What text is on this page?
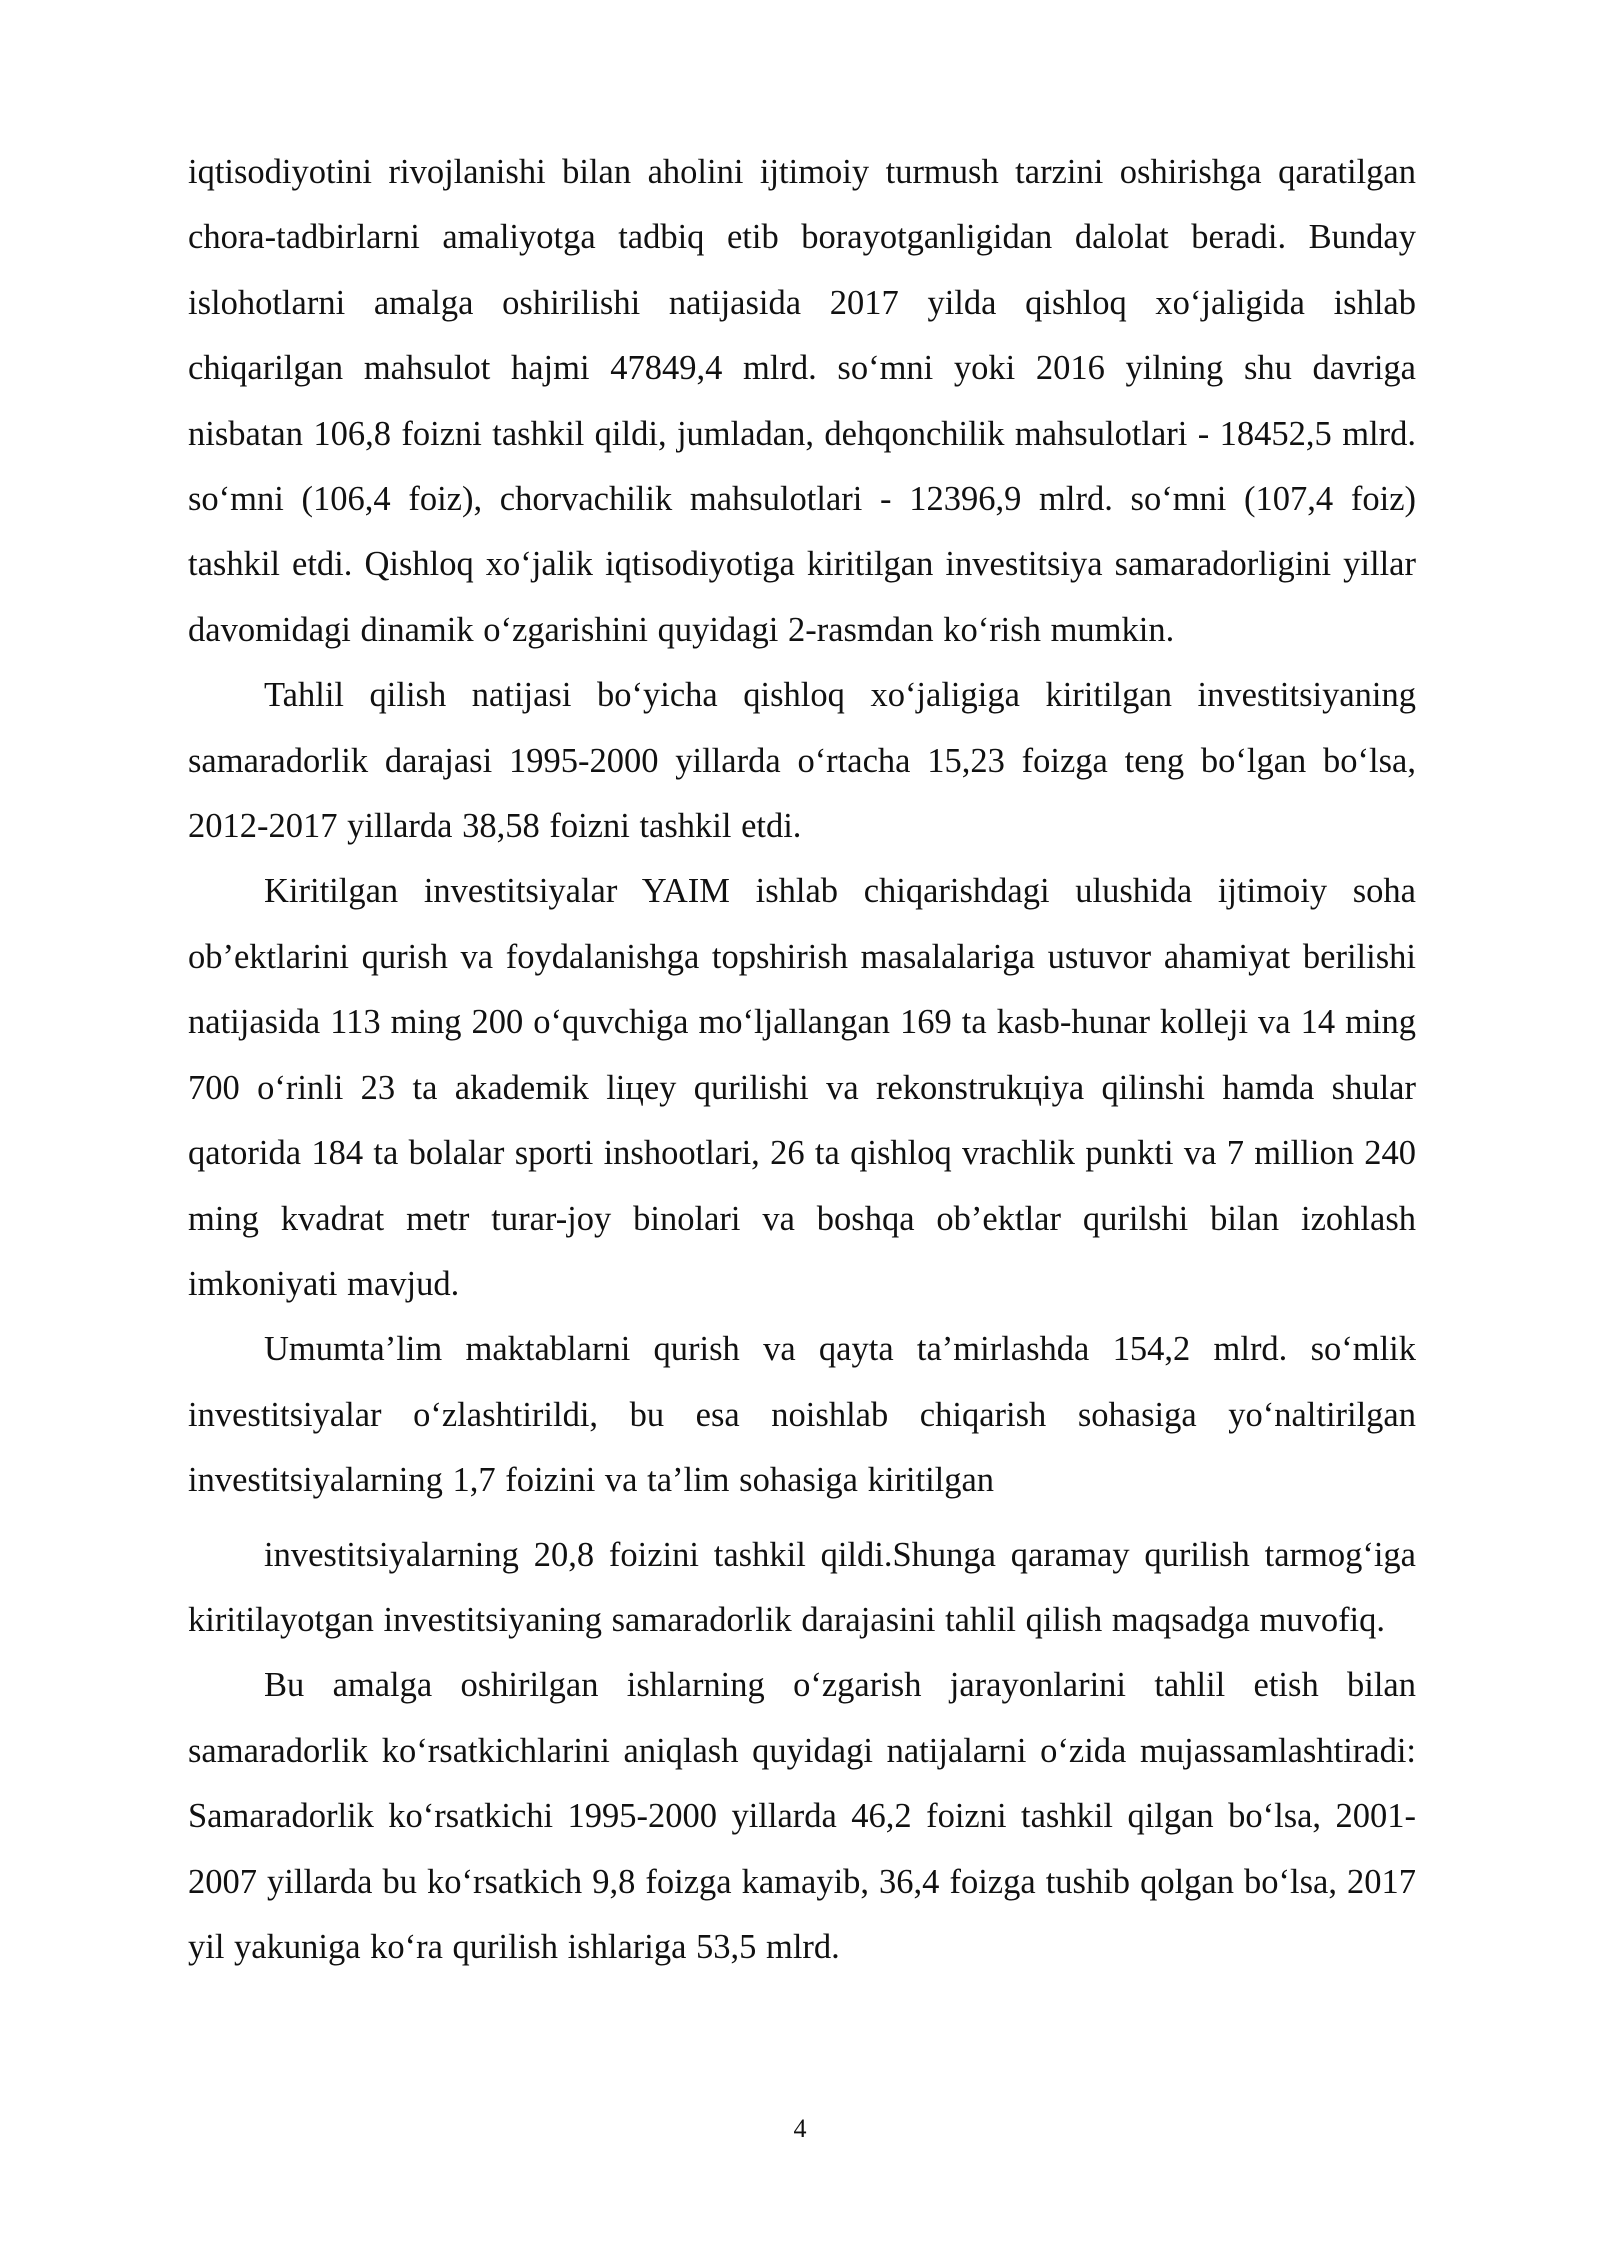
iqtisodiyotini rivojlanishi bilan aholini ijtimoiy turmush tarzini oshirishga qaratilgan chora-tadbirlarni amaliyotga tadbiq etib borayotganligidan dalolat beradi. Bunday islohotlarni amalga oshirilishi natijasida 2017 yilda qishloq xo‘jaligida ishlab chiqarilgan mahsulot hajmi 47849,4 mlrd. so‘mni yoki 2016 yilning shu davriga nisbatan 106,8 foizni tashkil qildi, jumladan, dehqonchilik mahsulotlari - 18452,5 mlrd. so‘mni (106,4 foiz), chorvachilik mahsulotlari - 12396,9 mlrd. so‘mni (107,4 foiz) tashkil etdi. Qishloq xo‘jalik iqtisodiyotiga kiritilgan investitsiya samaradorligini yillar davomidagi dinamik o‘zgarishini quyidagi 2-rasmdan ko‘rish mumkin.

Tahlil qilish natijasi bo‘yicha qishloq xo‘jaligiga kiritilgan investitsiyaning samaradorlik darajasi 1995-2000 yillarda o‘rtacha 15,23 foizga teng bo‘lgan bo‘lsa, 2012-2017 yillarda 38,58 foizni tashkil etdi.

Kiritilgan investitsiyalar YAIM ishlab chiqarishdagi ulushida ijtimoiy soha ob’ektlarini qurish va foydalanishga topshirish masalalariga ustuvor ahamiyat berilishi natijasida 113 ming 200 o‘quvchiga mo‘ljallangan 169 ta kasb-hunar kolleji va 14 ming 700 o‘rinli 23 ta akademik liцеy qurilishi va rekonstrukцiya qilinshi hamda shular qatorida 184 ta bolalar sporti inshootlari, 26 ta qishloq vrachlik punkti va 7 million 240 ming kvadrat metr turar-joy binolari va boshqa ob’ektlar qurilshi bilan izohlash imkoniyati mavjud.

Umumta’lim maktablarni qurish va qayta ta’mirlashda 154,2 mlrd. so‘mlik investitsiyalar o‘zlashtirildi, bu esa noishlab chiqarish sohasiga yo‘naltirilgan investitsiyalarning 1,7 foizini va ta’lim sohasiga kiritilgan

investitsiyalarning 20,8 foizini tashkil qildi.Shunga qaramay qurilish tarmog‘iga kiritilayotgan investitsiyaning samaradorlik darajasini tahlil qilish maqsadga muvofiq.

Bu amalga oshirilgan ishlarning o‘zgarish jarayonlarini tahlil etish bilan samaradorlik ko‘rsatkichlarini aniqlash quyidagi natijalarni o‘zida mujassamlashtiradi: Samaradorlik ko‘rsatkichi 1995-2000 yillarda 46,2 foizni tashkil qilgan bo‘lsa, 2001-2007 yillarda bu ko‘rsatkich 9,8 foizga kamayib, 36,4 foizga tushib qolgan bo‘lsa, 2017 yil yakuniga ko‘ra qurilish ishlariga 53,5 mlrd.

4
